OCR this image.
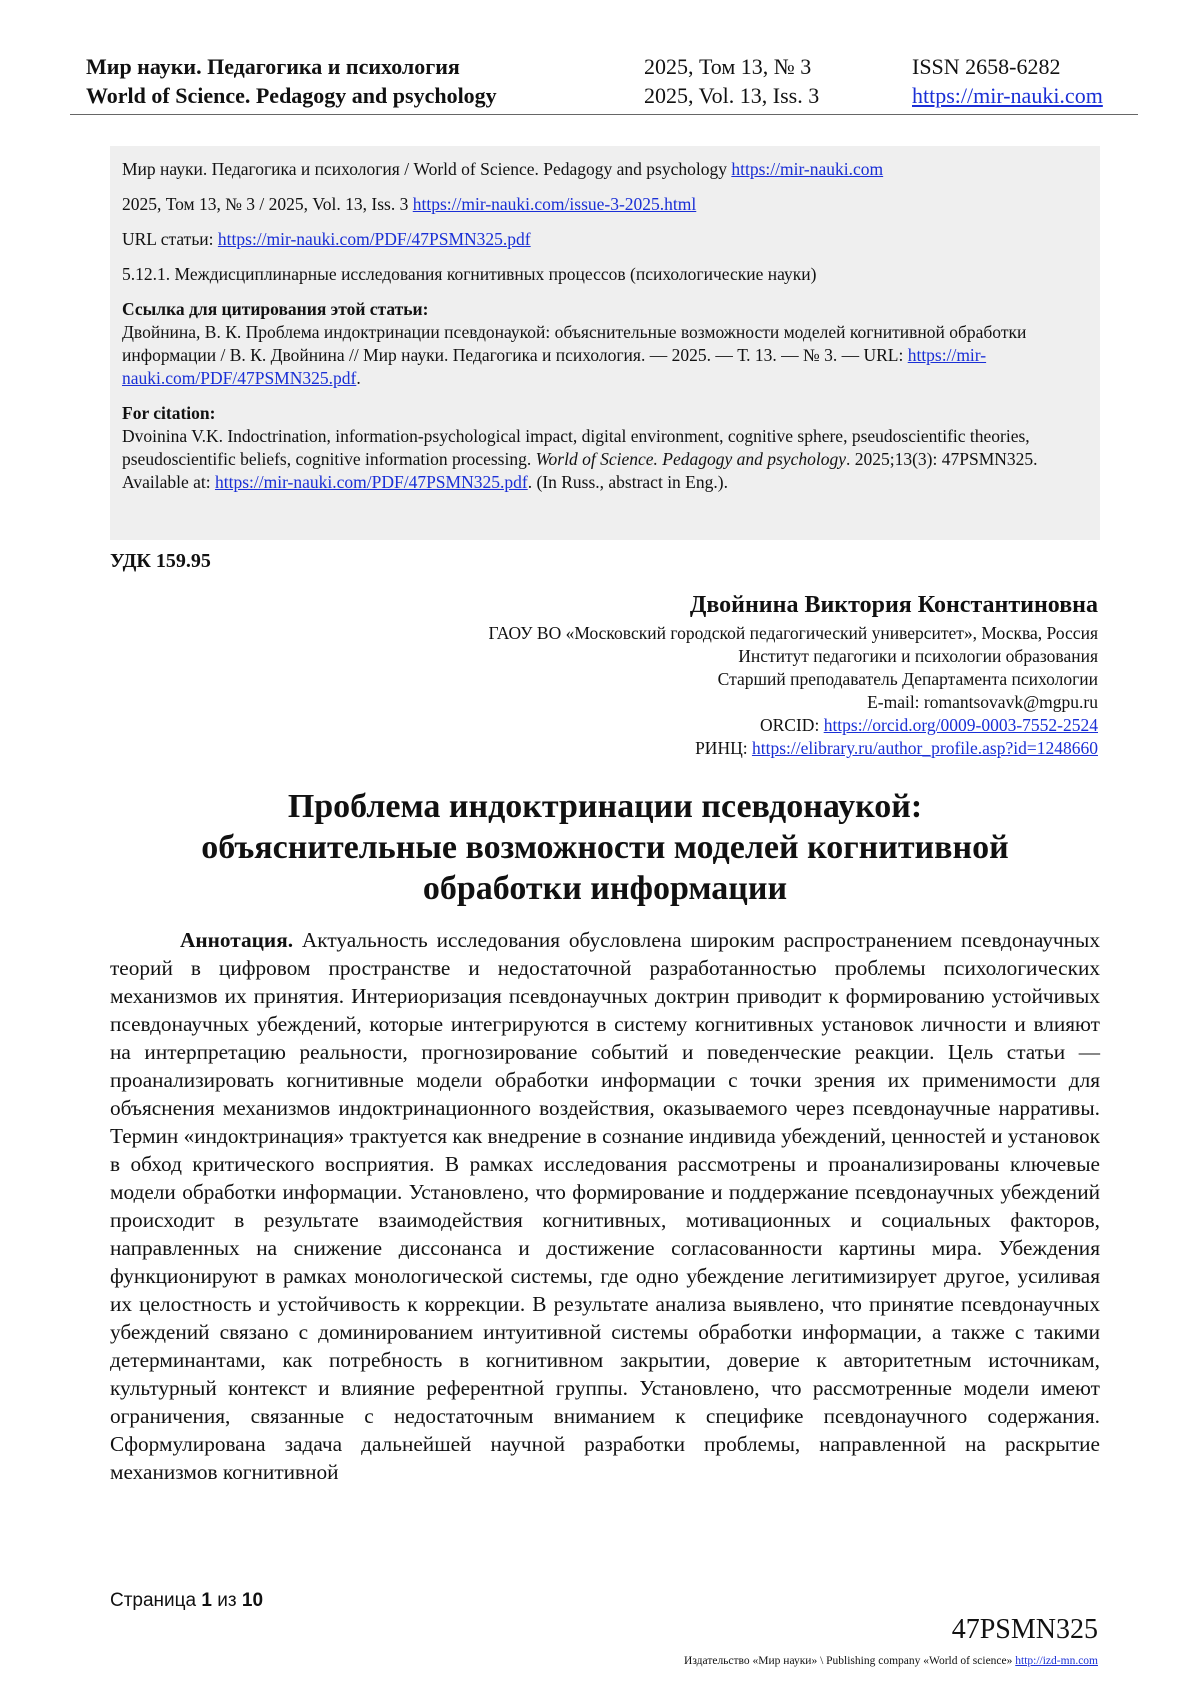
Мир науки. Педагогика и психология
World of Science. Pedagogy and psychology
2025, Том 13, № 3
2025, Vol. 13, Iss. 3
ISSN 2658-6282
https://mir-nauki.com

Мир науки. Педагогика и психология / World of Science. Pedagogy and psychology https://mir-nauki.com

2025, Том 13, № 3 / 2025, Vol. 13, Iss. 3 https://mir-nauki.com/issue-3-2025.html

URL статьи: https://mir-nauki.com/PDF/47PSMN325.pdf

5.12.1. Междисциплинарные исследования когнитивных процессов (психологические науки)

Ссылка для цитирования этой статьи:
Двойнина, В. К. Проблема индоктринации псевдонаукой: объяснительные возможности моделей когнитивной обработки информации / В. К. Двойнина // Мир науки. Педагогика и психология. — 2025. — Т. 13. — № 3. — URL: https://mir-nauki.com/PDF/47PSMN325.pdf.
For citation:
Dvoinina V.K. Indoctrination, information-psychological impact, digital environment, cognitive sphere, pseudoscientific theories, pseudoscientific beliefs, cognitive information processing. World of Science. Pedagogy and psychology. 2025;13(3): 47PSMN325. Available at: https://mir-nauki.com/PDF/47PSMN325.pdf. (In Russ., abstract in Eng.).
УДК 159.95
Двойнина Виктория Константиновна
ГАОУ ВО «Московский городской педагогический университет», Москва, Россия
Институт педагогики и психологии образования
Старший преподаватель Департамента психологии
E-mail: romantsovavk@mgpu.ru
ORCID: https://orcid.org/0009-0003-7552-2524
РИНЦ: https://elibrary.ru/author_profile.asp?id=1248660
Проблема индоктринации псевдонаукой:
объяснительные возможности моделей когнитивной
обработки информации
Аннотация. Актуальность исследования обусловлена широким распространением псевдонаучных теорий в цифровом пространстве и недостаточной разработанностью проблемы психологических механизмов их принятия. Интериоризация псевдонаучных доктрин приводит к формированию устойчивых псевдонаучных убеждений, которые интегрируются в систему когнитивных установок личности и влияют на интерпретацию реальности, прогнозирование событий и поведенческие реакции. Цель статьи — проанализировать когнитивные модели обработки информации с точки зрения их применимости для объяснения механизмов индоктринационного воздействия, оказываемого через псевдонаучные нарративы. Термин «индоктринация» трактуется как внедрение в сознание индивида убеждений, ценностей и установок в обход критического восприятия. В рамках исследования рассмотрены и проанализированы ключевые модели обработки информации. Установлено, что формирование и поддержание псевдонаучных убеждений происходит в результате взаимодействия когнитивных, мотивационных и социальных факторов, направленных на снижение диссонанса и достижение согласованности картины мира. Убеждения функционируют в рамках монологической системы, где одно убеждение легитимизирует другое, усиливая их целостность и устойчивость к коррекции. В результате анализа выявлено, что принятие псевдонаучных убеждений связано с доминированием интуитивной системы обработки информации, а также с такими детерминантами, как потребность в когнитивном закрытии, доверие к авторитетным источникам, культурный контекст и влияние референтной группы. Установлено, что рассмотренные модели имеют ограничения, связанные с недостаточным вниманием к специфике псевдонаучного содержания. Сформулирована задача дальнейшей научной разработки проблемы, направленной на раскрытие механизмов когнитивной
Страница 1 из 10
47PSMN325
Издательство «Мир науки» \ Publishing company «World of science» http://izd-mn.com
